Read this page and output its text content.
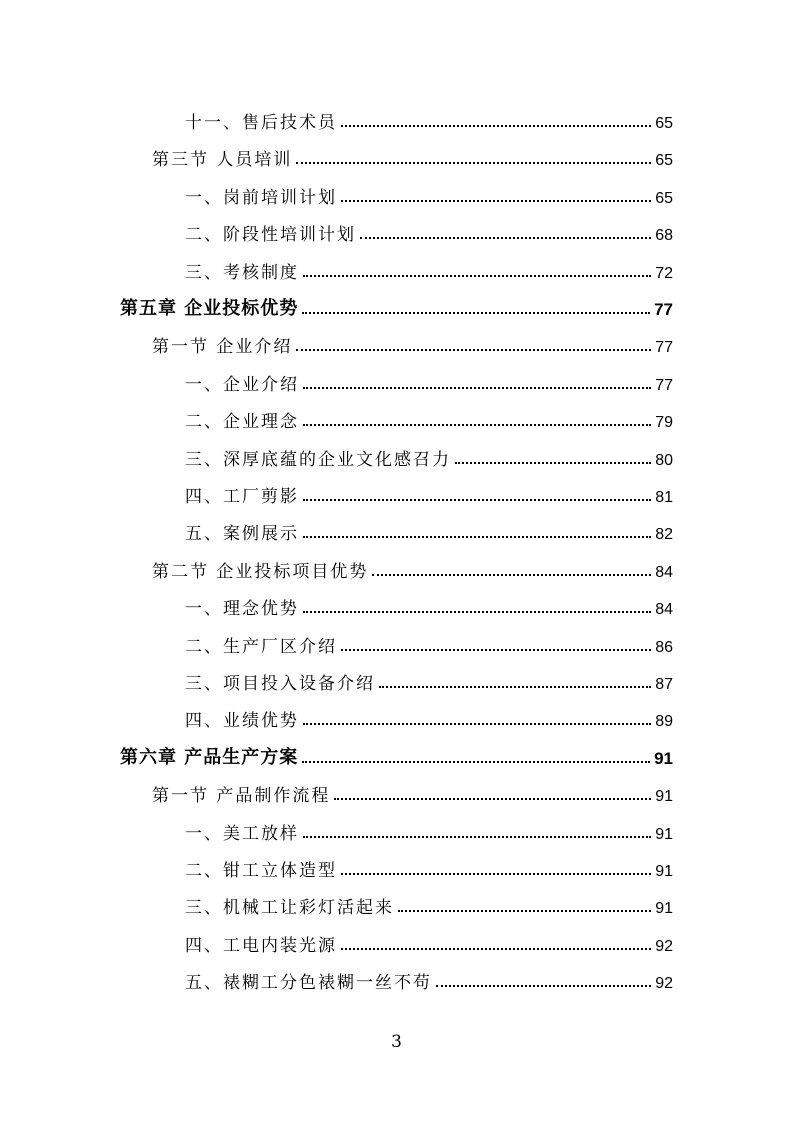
十一、售后技术员	65
第三节 人员培训	65
一、岗前培训计划	65
二、阶段性培训计划	68
三、考核制度	72
第五章 企业投标优势	77
第一节 企业介绍	77
一、企业介绍	77
二、企业理念	79
三、深厚底蕴的企业文化感召力	80
四、工厂剪影	81
五、案例展示	82
第二节 企业投标项目优势	84
一、理念优势	84
二、生产厂区介绍	86
三、项目投入设备介绍	87
四、业绩优势	89
第六章 产品生产方案	91
第一节 产品制作流程	91
一、美工放样	91
二、钳工立体造型	91
三、机械工让彩灯活起来	91
四、工电内装光源	92
五、裱糊工分色裱糊一丝不苟	92
3
